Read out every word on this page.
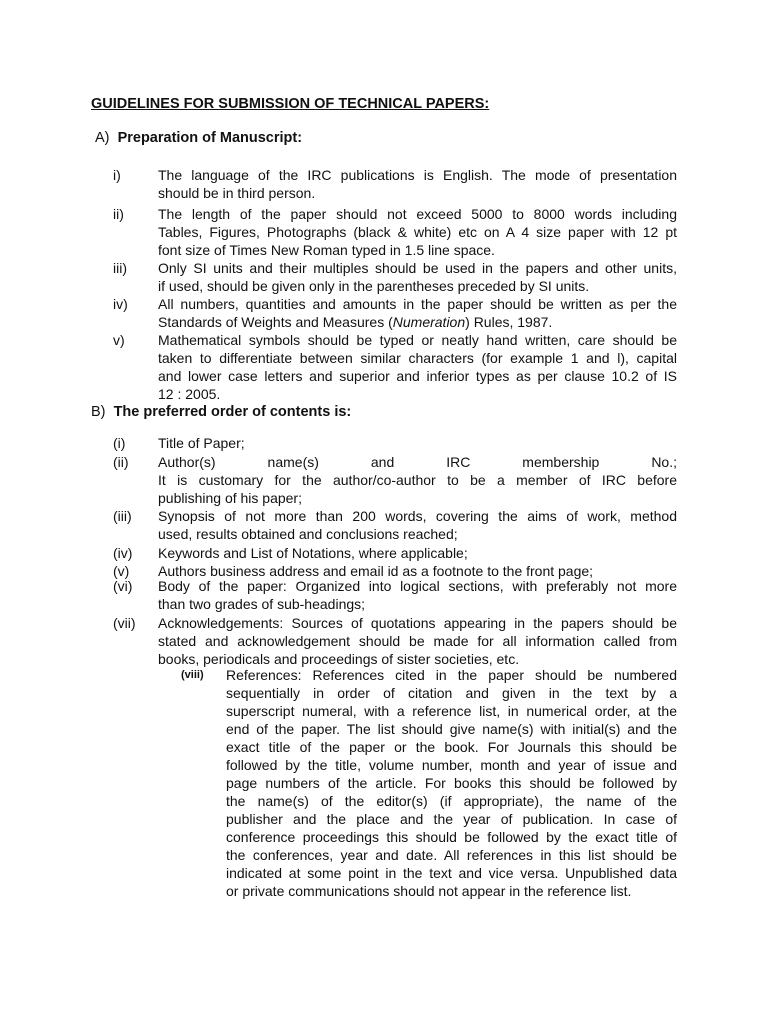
GUIDELINES FOR SUBMISSION OF TECHNICAL PAPERS:
A) Preparation of Manuscript:
i)	The language of the IRC publications is English. The mode of presentation
should be in third person.
ii) The length of the paper should not exceed 5000 to 8000 words including
Tables, Figures, Photographs (black & white) etc on A 4 size paper with 12 pt
font size of Times New Roman typed in 1.5 line space.
iii) Only SI units and their multiples should be used in the papers and other units,
if used, should be given only in the parentheses preceded by SI units.
iv) All numbers, quantities and amounts in the paper should be written as per the
Standards of Weights and Measures (Numeration) Rules, 1987.
v) Mathematical symbols should be typed or neatly hand written, care should be
taken to differentiate between similar characters (for example 1 and l), capital
and lower case letters and superior and inferior types as per clause 10.2 of IS
12 : 2005.
B) The preferred order of contents is:
(i) Title of Paper;
(ii) Author(s) name(s) and IRC membership No.;
It is customary for the author/co-author to be a member of IRC before
publishing of his paper;
(iii) Synopsis of not more than 200 words, covering the aims of work, method
used, results obtained and conclusions reached;
(iv) Keywords and List of Notations, where applicable;
(v) Authors business address and email id as a footnote to the front page;
(vi) Body of the paper: Organized into logical sections, with preferably not more
than two grades of sub-headings;
(vii) Acknowledgements: Sources of quotations appearing in the papers should be
stated and acknowledgement should be made for all information called from
books, periodicals and proceedings of sister societies, etc.
(viii) References: References cited in the paper should be numbered
sequentially in order of citation and given in the text by a
superscript numeral, with a reference list, in numerical order, at the
end of the paper. The list should give name(s) with initial(s) and the
exact title of the paper or the book. For Journals this should be
followed by the title, volume number, month and year of issue and
page numbers of the article. For books this should be followed by
the name(s) of the editor(s) (if appropriate), the name of the
publisher and the place and the year of publication. In case of
conference proceedings this should be followed by the exact title of
the conferences, year and date. All references in this list should be
indicated at some point in the text and vice versa. Unpublished data
or private communications should not appear in the reference list.
